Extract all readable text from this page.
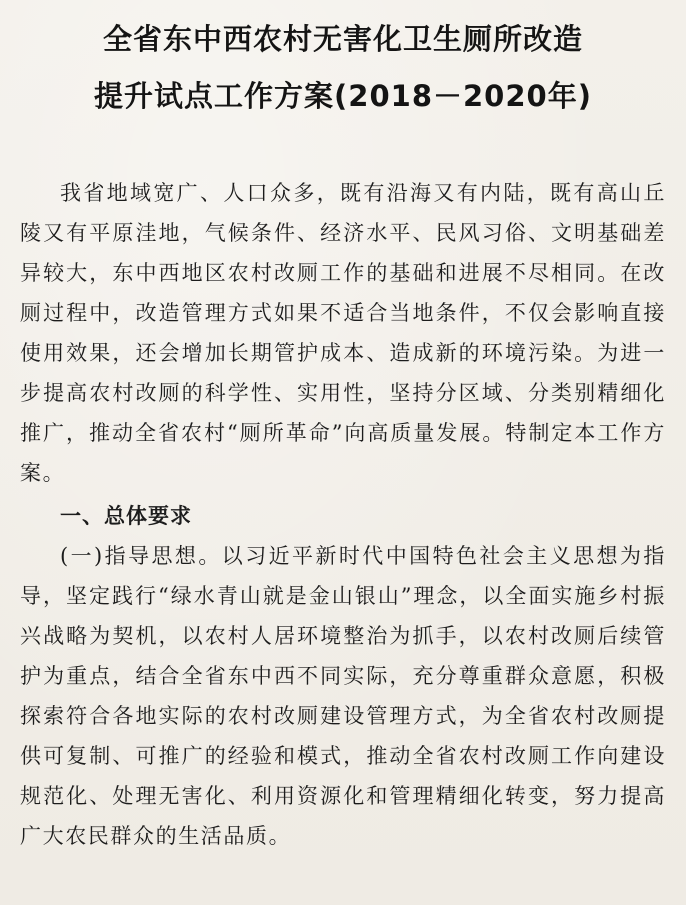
全省东中西农村无害化卫生厕所改造
提升试点工作方案(2018－2020年)

我省地域宽广、人口众多，既有沿海又有内陆，既有高山丘陵又有平原洼地，气候条件、经济水平、民风习俗、文明基础差异较大，东中西地区农村改厕工作的基础和进展不尽相同。在改厕过程中，改造管理方式如果不适合当地条件，不仅会影响直接使用效果，还会增加长期管护成本、造成新的环境污染。为进一步提高农村改厕的科学性、实用性，坚持分区域、分类别精细化推广，推动全省农村“厕所革命”向高质量发展。特制定本工作方案。

一、总体要求

(一)指导思想。以习近平新时代中国特色社会主义思想为指导，坚定践行“绿水青山就是金山银山”理念，以全面实施乡村振兴战略为契机，以农村人居环境整治为抓手，以农村改厕后续管护为重点，结合全省东中西不同实际，充分尊重群众意愿，积极探索符合各地实际的农村改厕建设管理方式，为全省农村改厕提供可复制、可推广的经验和模式，推动全省农村改厕工作向建设规范化、处理无害化、利用资源化和管理精细化转变，努力提高广大农民群众的生活品质。
